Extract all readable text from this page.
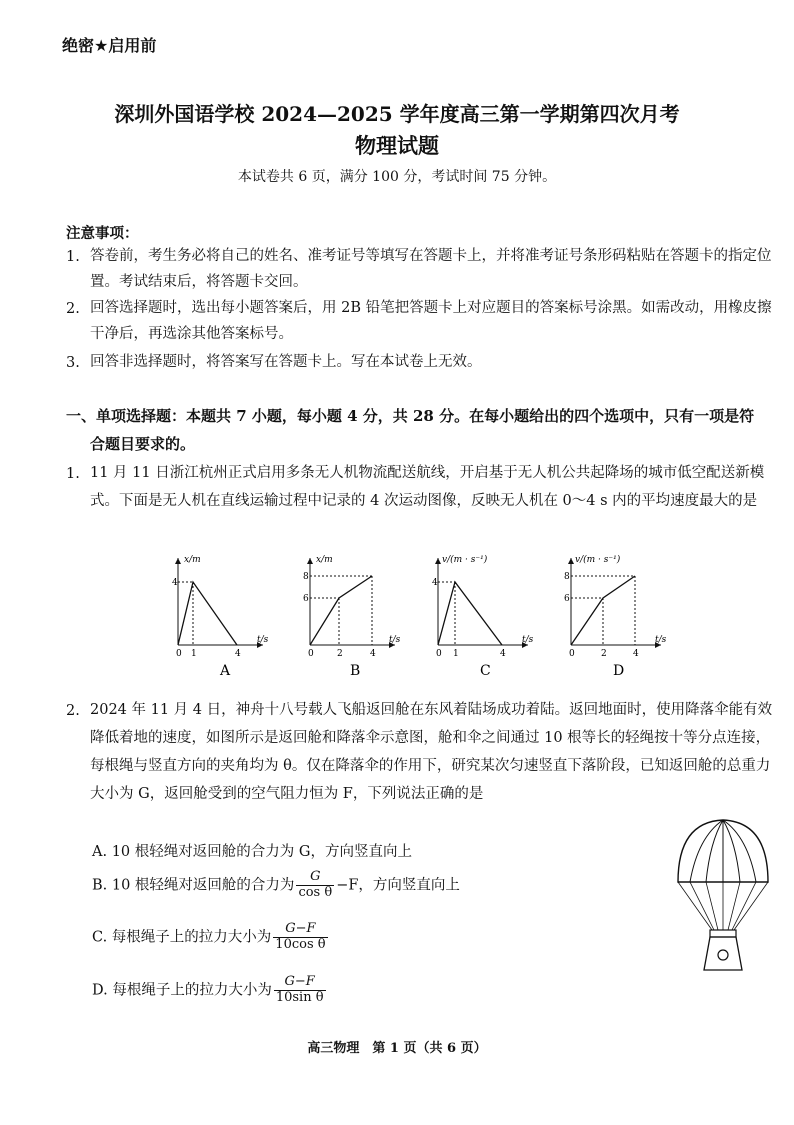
绝密★启用前
深圳外国语学校 2024—2025 学年度高三第一学期第四次月考
物理试题
本试卷共 6 页，满分 100 分，考试时间 75 分钟。
注意事项：
1. 答卷前，考生务必将自己的姓名、准考证号等填写在答题卡上，并将准考证号条形码粘贴在答题卡的指定位置。考试结束后，将答题卡交回。
2. 回答选择题时，选出每小题答案后，用 2B 铅笔把答题卡上对应题目的答案标号涂黑。如需改动，用橡皮擦干净后，再选涂其他答案标号。
3. 回答非选择题时，将答案写在答题卡上。写在本试卷上无效。
一、单项选择题：本题共 7 小题，每小题 4 分，共 28 分。在每小题给出的四个选项中，只有一项是符
合题目要求的。
1. 11 月 11 日浙江杭州正式启用多条无人机物流配送航线，开启基于无人机公共起降场的城市低空配送新模式。下面是无人机在直线运输过程中记录的 4 次运动图像，反映无人机在 0～4 s 内的平均速度最大的是
x/m
t/s
4
0 1	4
A
x/m
t/s
8
6
0	2	4
B
v/(m · s⁻¹)
t/s
4
0 1	4
C
v/(m · s⁻¹)
t/s
8
6
0	2	4
D
2. 2024 年 11 月 4 日，神舟十八号载人飞船返回舱在东风着陆场成功着陆。返回地面时，使用降落伞能有效降低着地的速度，如图所示是返回舱和降落伞示意图，舱和伞之间通过 10 根等长的轻绳按十等分点连接，每根绳与竖直方向的夹角均为 θ。仅在降落伞的作用下，研究某次匀速竖直下落阶段，已知返回舱的总重力大小为 G，返回舱受到的空气阻力恒为 F，下列说法正确的是
A. 10 根轻绳对返回舱的合力为 G，方向竖直向上
B. 10 根轻绳对返回舱的合力为 $\frac{G}{\text{cos θ}} -F$，方向竖直向上
C. 每根绳子上的拉力大小为 $\frac{G-F}{\text{10cos θ}}$
D. 每根绳子上的拉力大小为 $\frac{G-F}{\text{10sin θ}}$
高三物理　第 1 页（共 6 页）
